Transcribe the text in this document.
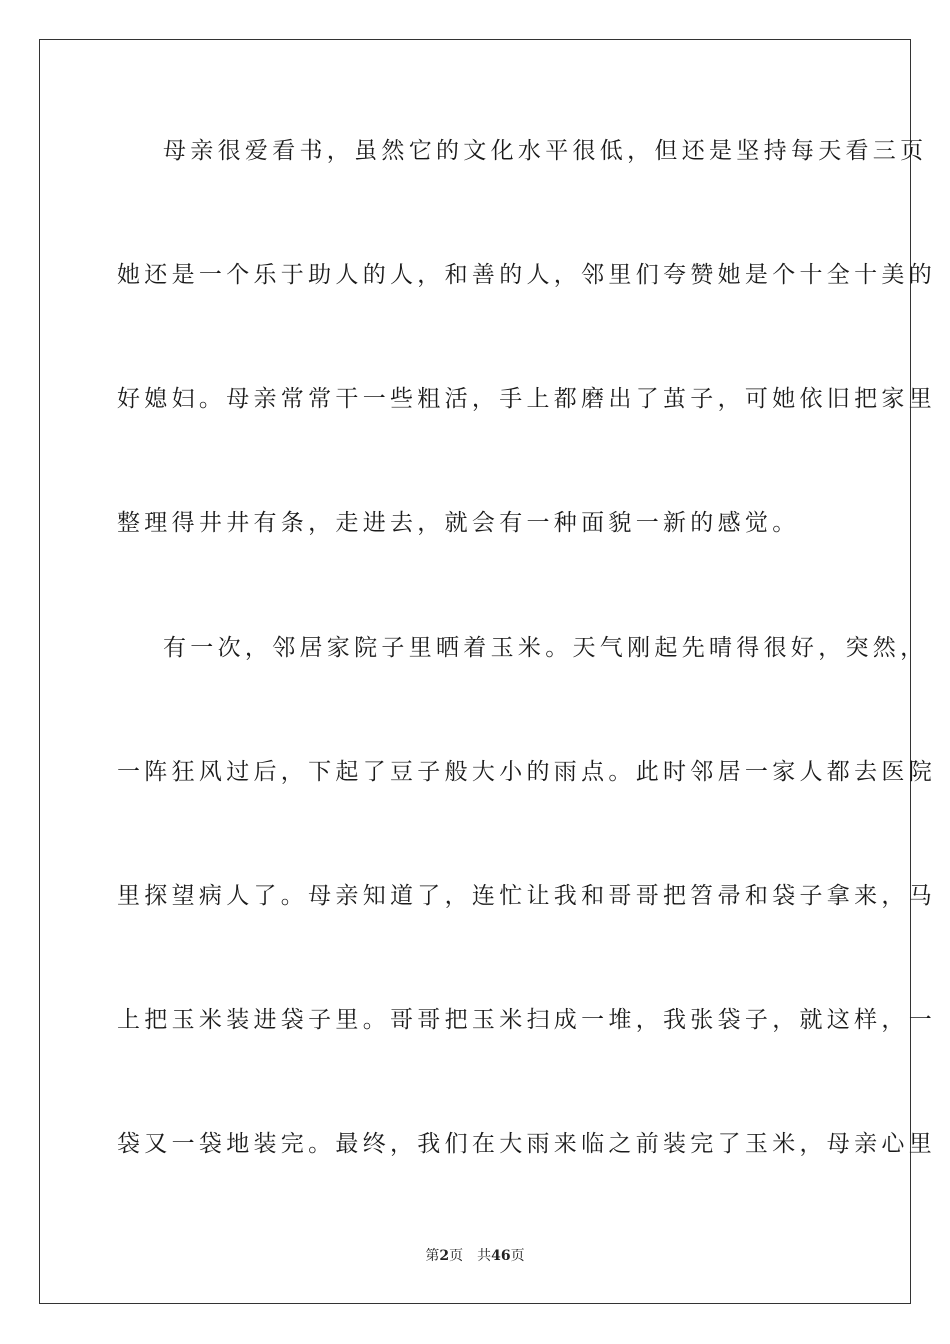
母亲很爱看书，虽然它的文化水平很低，但还是坚持每天看三页
她还是一个乐于助人的人，和善的人，邻里们夸赞她是个十全十美的
好媳妇。母亲常常干一些粗活，手上都磨出了茧子，可她依旧把家里
整理得井井有条，走进去，就会有一种面貌一新的感觉。
有一次，邻居家院子里晒着玉米。天气刚起先晴得很好，突然，
一阵狂风过后，下起了豆子般大小的雨点。此时邻居一家人都去医院
里探望病人了。母亲知道了，连忙让我和哥哥把笤帚和袋子拿来，马
上把玉米装进袋子里。哥哥把玉米扫成一堆，我张袋子，就这样，一
袋又一袋地装完。最终，我们在大雨来临之前装完了玉米，母亲心里
第2页 共46页
